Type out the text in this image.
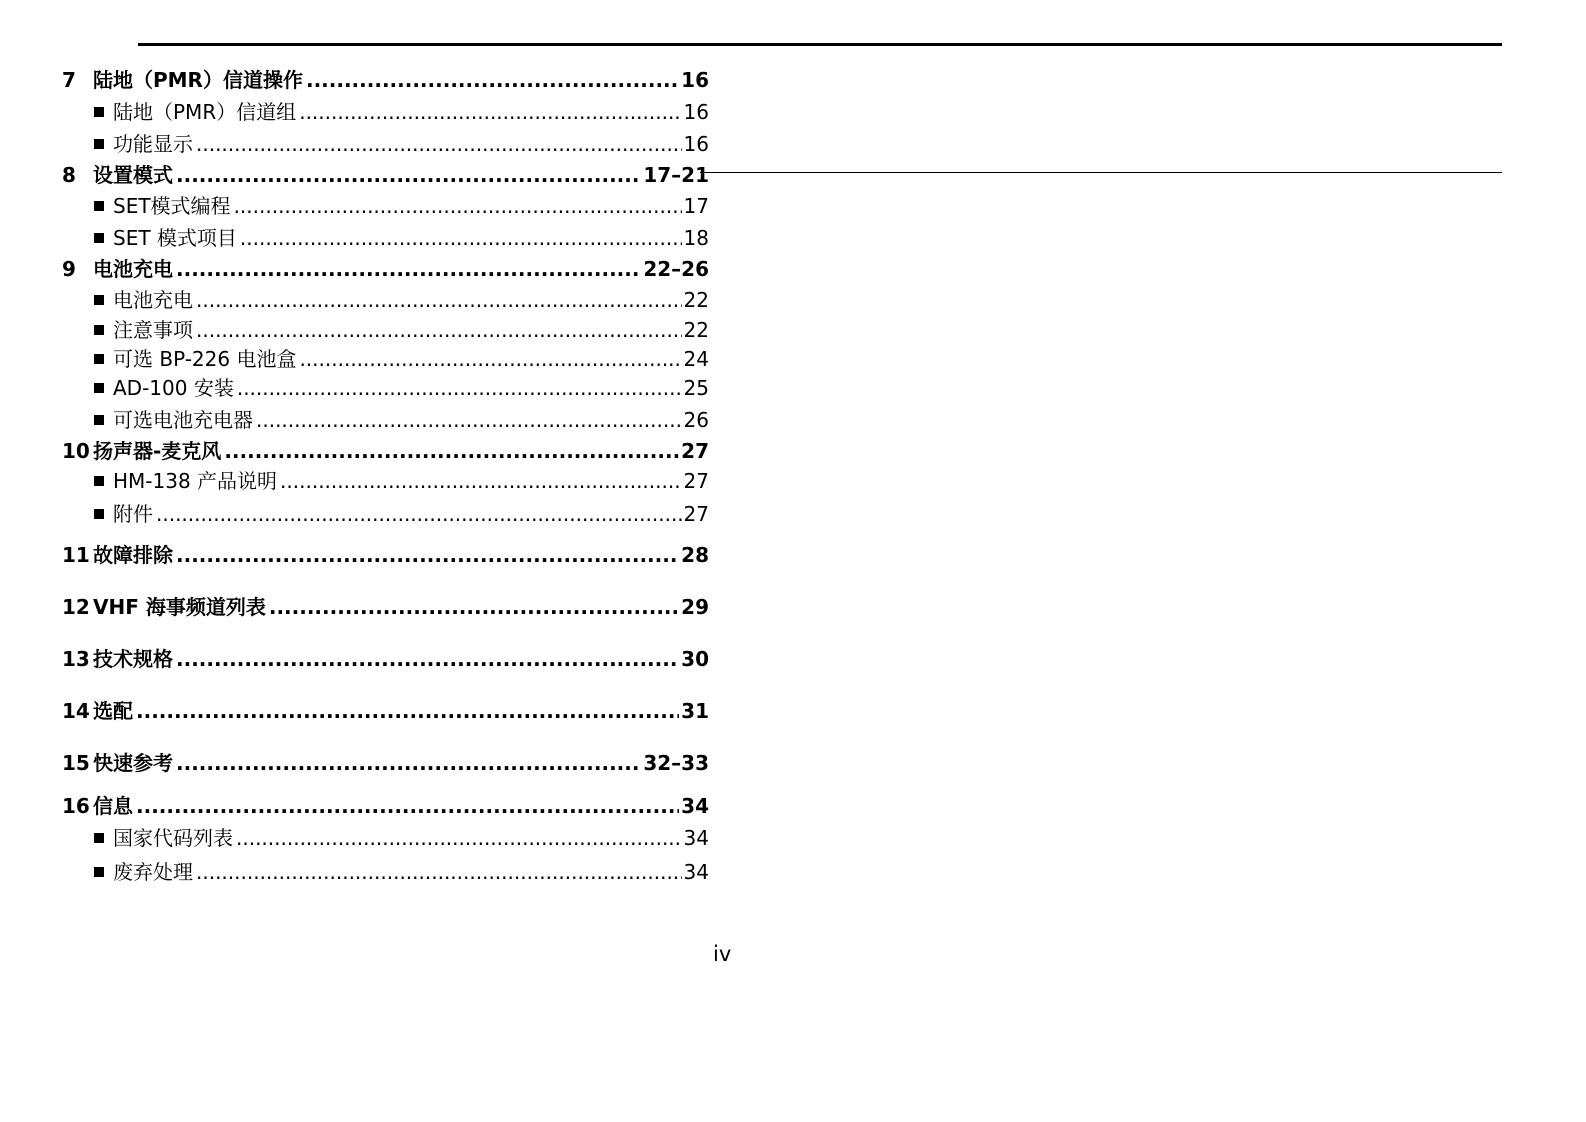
7 陆地（PMR）信道操作 .....	16
陆地（PMR）信道组 .....	16
功能显示 .....	16
8 设置模式 .....	17–21
SET模式编程 .....	17
SET 模式项目 .....	18
9 电池充电 .....	22–26
电池充电 .....	22
注意事项 .....	22
可选 BP-226 电池盒 .....	24
AD-100 安装 .....	25
可选电池充电器 .....	26
10 扬声器-麦克风 .....	27
HM-138 产品说明 .....	27
附件 .....	27
11 故障排除 .....	28
12 VHF 海事频道列表 .....	29
13 技术规格 .....	30
14 选配 .....	31
15 快速参考 .....	32–33
16 信息 .....	34
国家代码列表 .....	34
废弃处理 .....	34
iv
